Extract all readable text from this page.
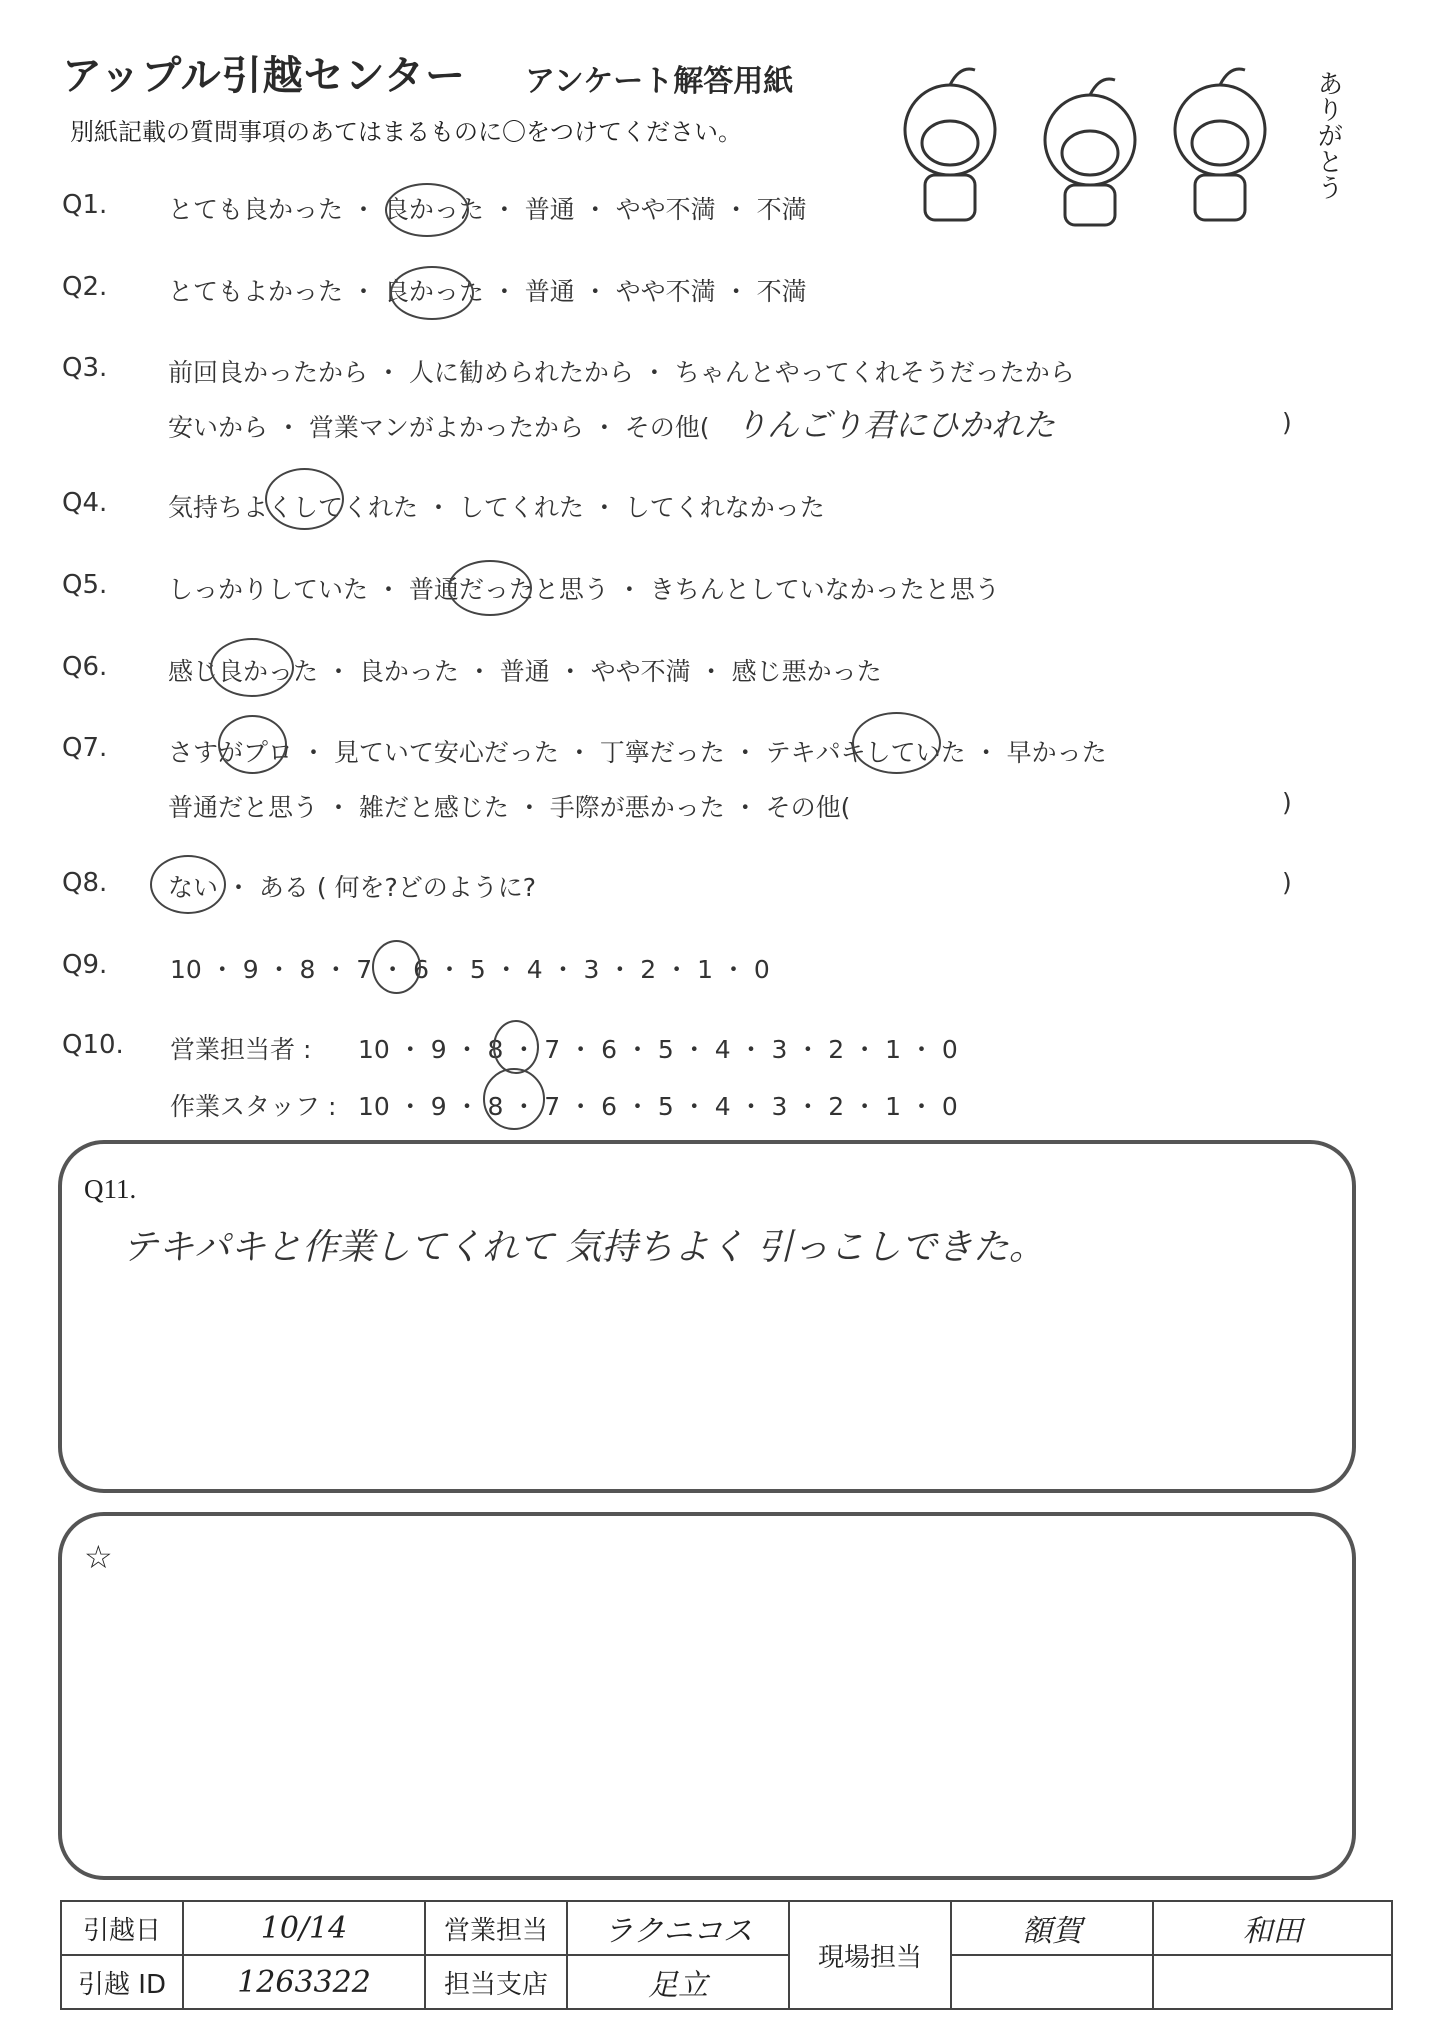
アップル引越センター アンケート解答用紙
別紙記載の質問事項のあてはまるものに〇をつけてください。	ありがとう
Q1. とても良かった ・ 良かった ・ 普通 ・ やや不満 ・ 不満
Q2. とてもよかった ・ 良かった ・ 普通 ・ やや不満 ・ 不満
Q3. 前回良かったから ・ 人に勧められたから ・ ちゃんとやってくれそうだったから
安いから ・ 営業マンがよかったから ・ その他( りんごり君にひかれた	)
Q4. 気持ちよくしてくれた ・ してくれた ・ してくれなかった
Q5. しっかりしていた ・ 普通だったと思う ・ きちんとしていなかったと思う
Q6. 感じ良かった ・ 良かった ・ 普通 ・ やや不満 ・ 感じ悪かった
Q7. さすがプロ ・ 見ていて安心だった ・ 丁寧だった ・ テキパキしていた ・ 早かった
普通だと思う ・ 雑だと感じた ・ 手際が悪かった ・ その他(	)
Q8. ない ・ ある ( 何を?どのように?	)
Q9.	10 ・ 9 ・ 8 ・ 7 ・ 6 ・ 5 ・ 4 ・ 3 ・ 2 ・ 1 ・ 0
Q10. 営業担当者 : 10 ・ 9 ・ 8 ・ 7 ・ 6 ・ 5 ・ 4 ・ 3 ・ 2 ・ 1 ・ 0
作業スタッフ : 10 ・ 9 ・ 8 ・ 7 ・ 6 ・ 5 ・ 4 ・ 3 ・ 2 ・ 1 ・ 0
Q11.
テキパキと作業してくれて 気持ちよく 引っこしできた。
☆
引越日	10/14	営業担当	ラクニコス	現場担当	額賀	和田
引越 ID	1263322	担当支店	足立			
